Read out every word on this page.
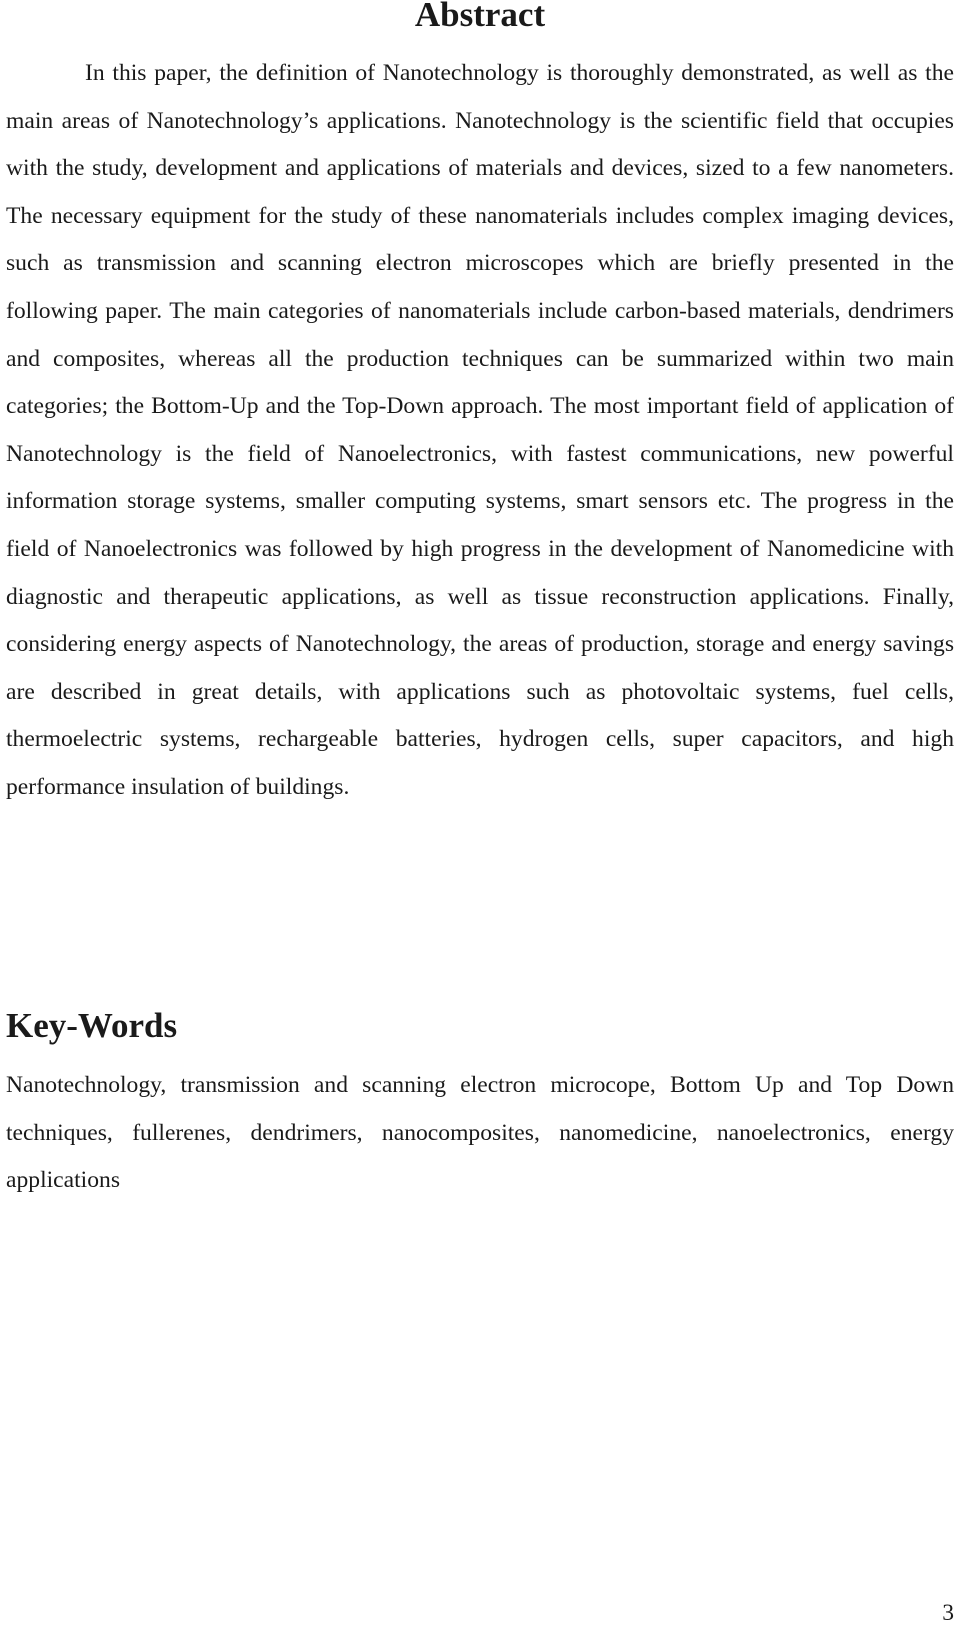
Abstract

In this paper, the definition of Nanotechnology is thoroughly demonstrated, as well as the main areas of Nanotechnology’s applications. Nanotechnology is the scientific field that occupies with the study, development and applications of materials and devices, sized to a few nanometers. The necessary equipment for the study of these nanomaterials includes complex imaging devices, such as transmission and scanning electron microscopes which are briefly presented in the following paper. The main categories of nanomaterials include carbon-based materials, dendrimers and composites, whereas all the production techniques can be summarized within two main categories; the Bottom-Up and the Top-Down approach. The most important field of application of Nanotechnology is the field of Nanoelectronics, with fastest communications, new powerful information storage systems, smaller computing systems, smart sensors etc. The progress in the field of Nanoelectronics was followed by high progress in the development of Nanomedicine with diagnostic and therapeutic applications, as well as tissue reconstruction applications. Finally, considering energy aspects of Nanotechnology, the areas of production, storage and energy savings are described in great details, with applications such as photovoltaic systems, fuel cells, thermoelectric systems, rechargeable batteries, hydrogen cells, super capacitors, and high performance insulation of buildings.

Key-Words

Nanotechnology, transmission and scanning electron microcope, Bottom Up and Top Down techniques, fullerenes, dendrimers, nanocomposites, nanomedicine, nanoelectronics, energy applications

3
